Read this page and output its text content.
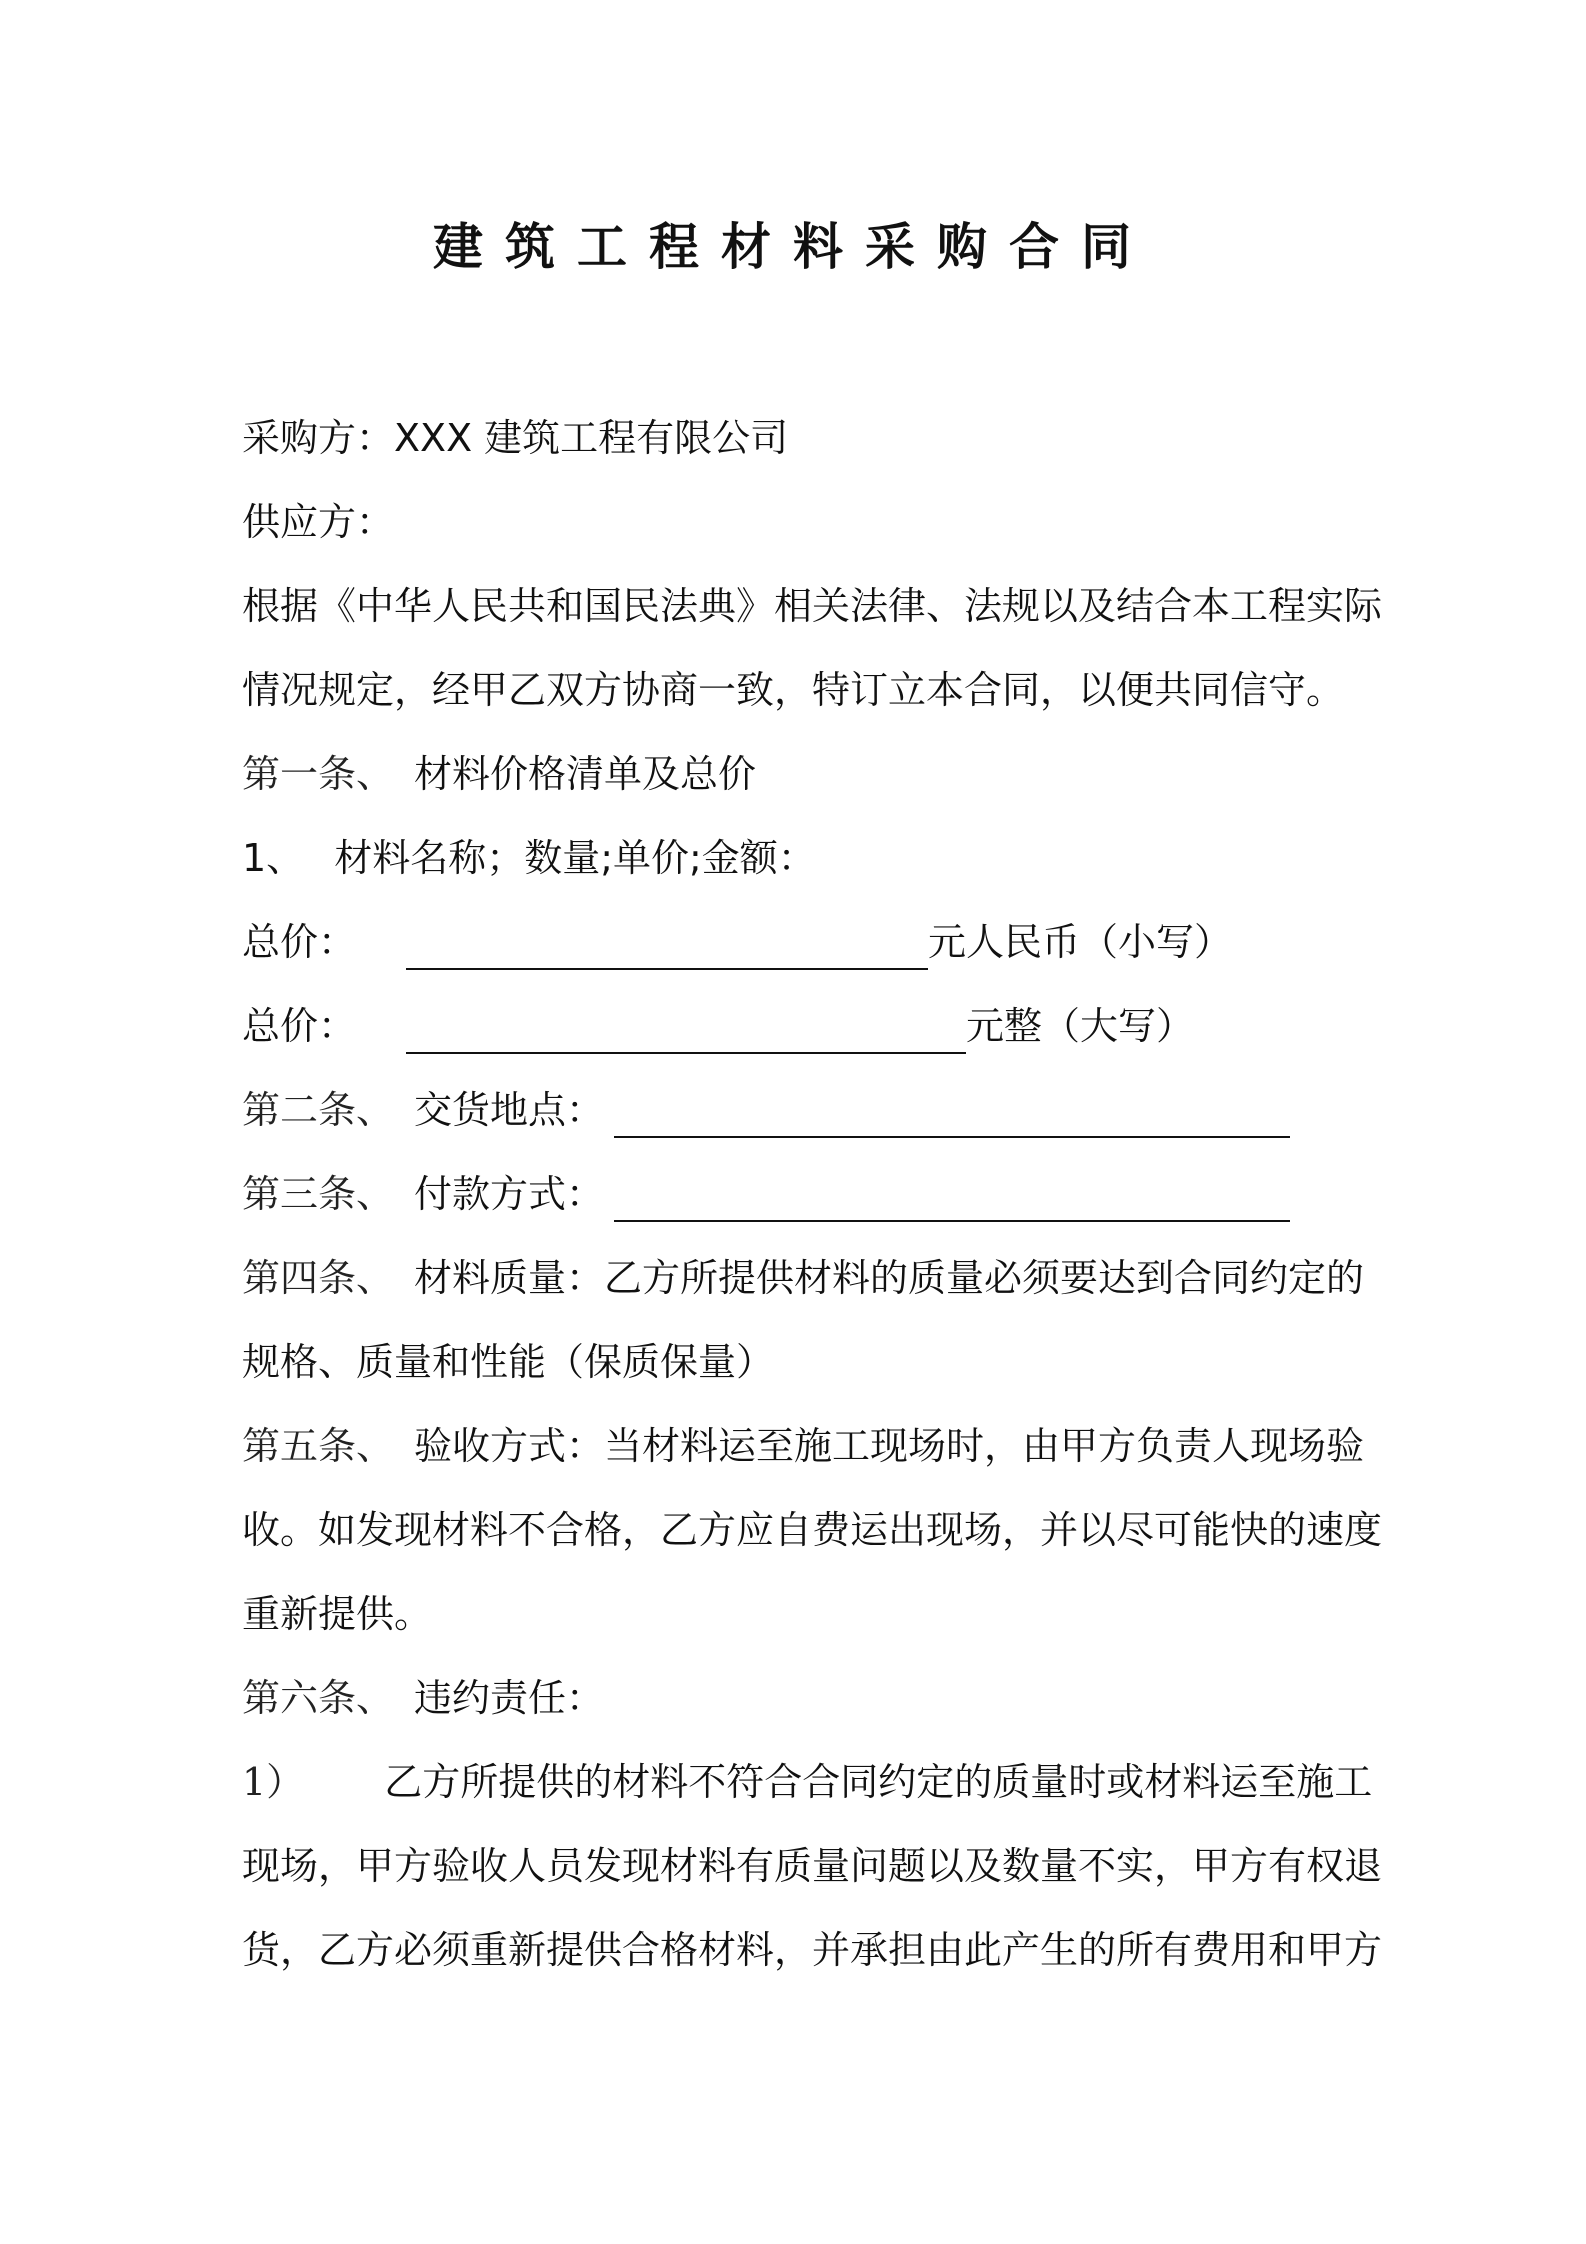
建筑工程材料采购合同
采购方：XXX 建筑工程有限公司
供应方：
根据《中华人民共和国民法典》相关法律、法规以及结合本工程实际
情况规定，经甲乙双方协商一致，特订立本合同，以便共同信守。
第一条、 材料价格清单及总价
1、 材料名称；数量;单价;金额：
总价：	元人民币（小写）
总价：	元整（大写）
第二条、 交货地点：
第三条、 付款方式：
第四条、 材料质量：乙方所提供材料的质量必须要达到合同约定的
规格、质量和性能（保质保量）
第五条、 验收方式：当材料运至施工现场时，由甲方负责人现场验
收。如发现材料不合格，乙方应自费运出现场，并以尽可能快的速度
重新提供。
第六条、 违约责任：
1） 乙方所提供的材料不符合合同约定的质量时或材料运至施工
现场，甲方验收人员发现材料有质量问题以及数量不实，甲方有权退
货，乙方必须重新提供合格材料，并承担由此产生的所有费用和甲方
